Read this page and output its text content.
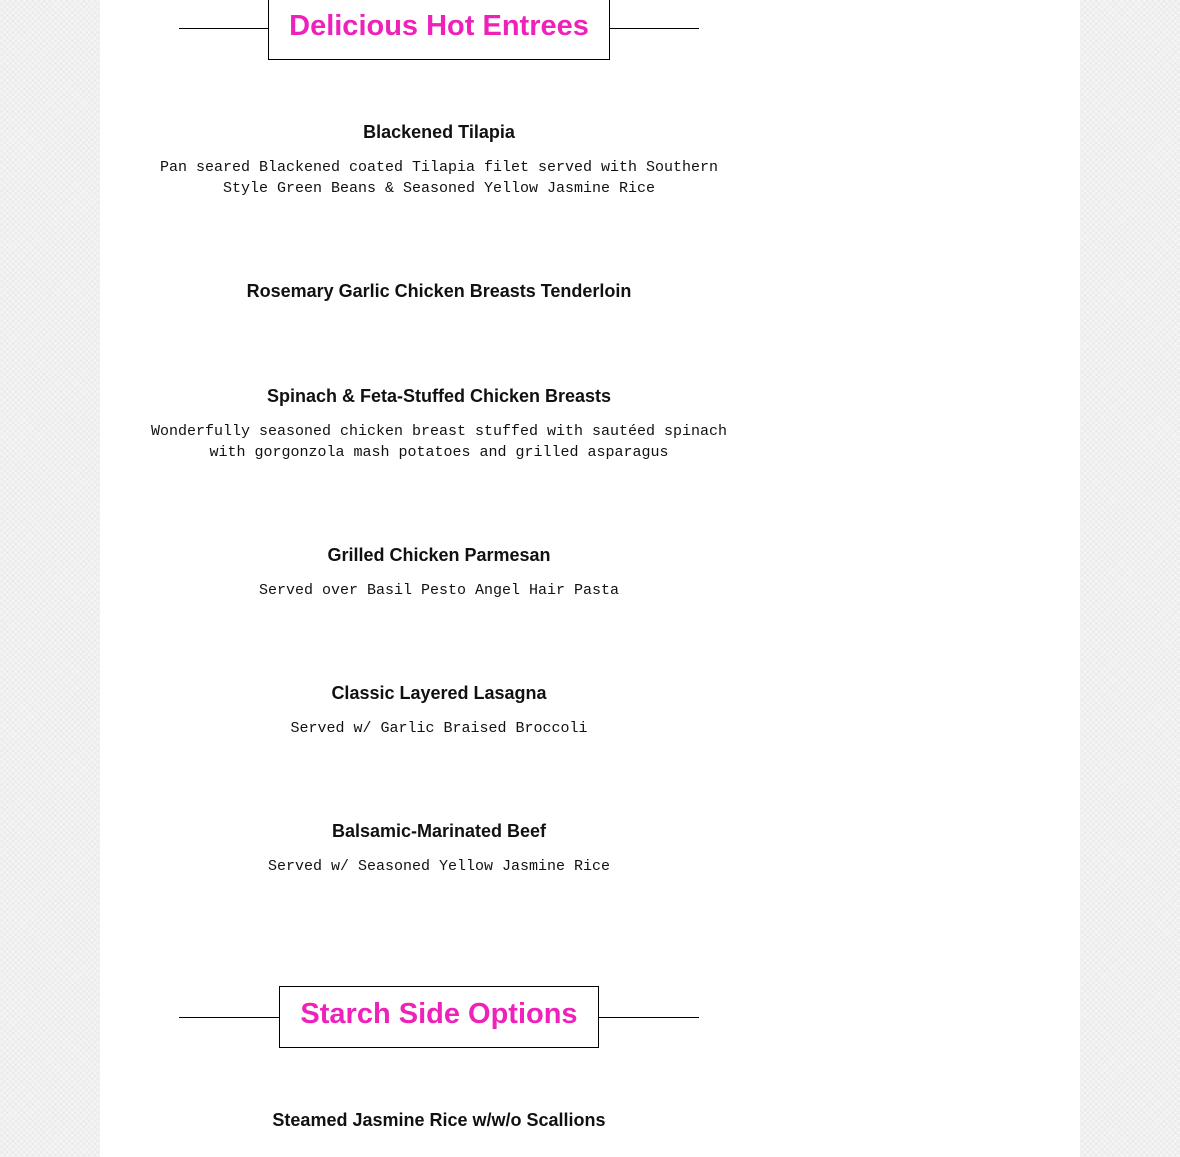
Delicious Hot Entrees
Blackened Tilapia
Pan seared Blackened coated Tilapia filet served with Southern Style Green Beans & Seasoned Yellow Jasmine Rice
Rosemary Garlic Chicken Breasts Tenderloin
Spinach & Feta-Stuffed Chicken Breasts
Wonderfully seasoned chicken breast stuffed with sautéed spinach with gorgonzola mash potatoes and grilled asparagus
Grilled Chicken Parmesan
Served over Basil Pesto Angel Hair Pasta
Classic Layered Lasagna
Served w/ Garlic Braised Broccoli
Balsamic-Marinated Beef
Served w/ Seasoned Yellow Jasmine Rice
Starch Side Options
Steamed Jasmine Rice w/w/o Scallions
